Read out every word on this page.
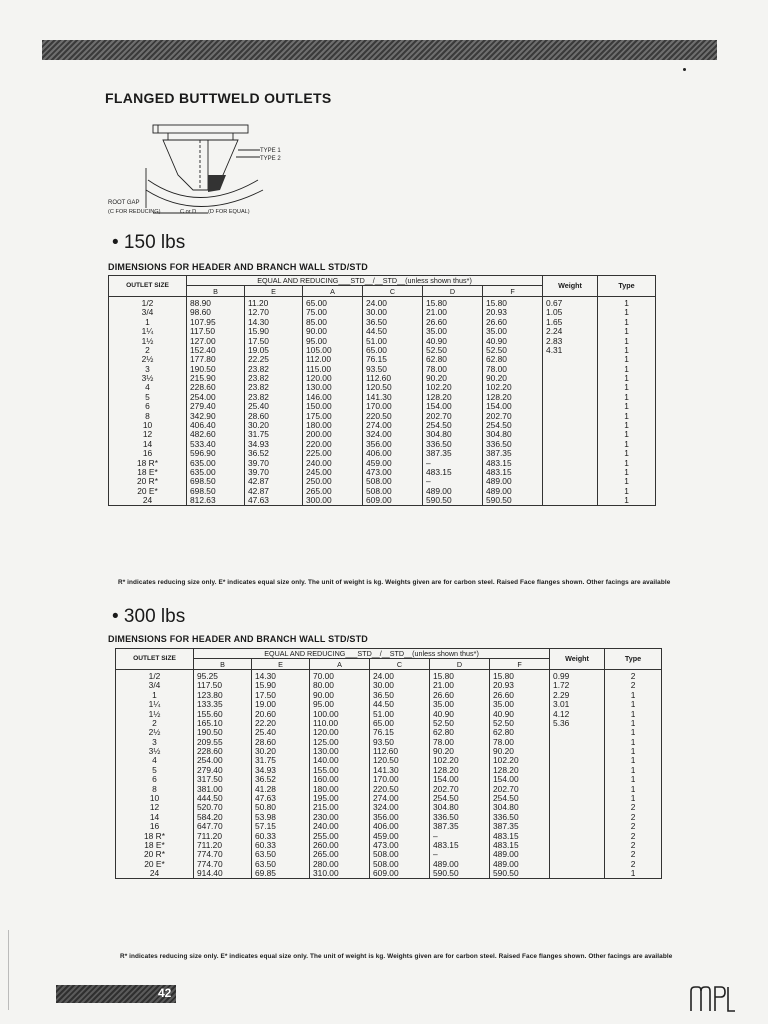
FLANGED BUTTWELD OUTLETS
TYPE 1
TYPE 2
ROOT GAP
(C FOR REDUCING)	C or D (D FOR EQUAL)
• 150 lbs
DIMENSIONS FOR HEADER AND BRANCH WALL STD/STD
OUTLET SIZE	EQUAL AND REDUCING___STD__/__STD__(unless shown thus*)						Weight	Type
	B	E	A	C	D	F		
1/2	88.90	11.20	65.00	24.00	15.80	15.80	0.67	1
3/4	98.60	12.70	75.00	30.00	21.00	20.93	1.05	1
1	107.95	14.30	85.00	36.50	26.60	26.60	1.65	1
1¼	117.50	15.90	90.00	44.50	35.00	35.00	2.24	1
1½	127.00	17.50	95.00	51.00	40.90	40.90	2.83	1
2	152.40	19.05	105.00	65.00	52.50	52.50	4.31	1
2½	177.80	22.25	112.00	76.15	62.80	62.80		1
3	190.50	23.82	115.00	93.50	78.00	78.00		1
3½	215.90	23.82	120.00	112.60	90.20	90.20		1
4	228.60	23.82	130.00	120.50	102.20	102.20		1
5	254.00	23.82	146.00	141.30	128.20	128.20		1
6	279.40	25.40	150.00	170.00	154.00	154.00		1
8	342.90	28.60	175.00	220.50	202.70	202.70		1
10	406.40	30.20	180.00	274.00	254.50	254.50		1
12	482.60	31.75	200.00	324.00	304.80	304.80		1
14	533.40	34.93	220.00	356.00	336.50	336.50		1
16	596.90	36.52	225.00	406.00	387.35	387.35		1
18 R*	635.00	39.70	240.00	459.00	–	483.15		1
18 E*	635.00	39.70	245.00	473.00	483.15	483.15		1
20 R*	698.50	42.87	250.00	508.00	–	489.00		1
20 E*	698.50	42.87	265.00	508.00	489.00	489.00		1
24	812.63	47.63	300.00	609.00	590.50	590.50		1
R* indicates reducing size only. E* indicates equal size only. The unit of weight is kg. Weights given are for carbon steel. Raised Face flanges shown. Other facings are available
• 300 lbs
DIMENSIONS FOR HEADER AND BRANCH WALL STD/STD
OUTLET SIZE	EQUAL AND REDUCING___STD__/__STD__(unless shown thus*)						Weight	Type
	B	E	A	C	D	F		
1/2	95.25	14.30	70.00	24.00	15.80	15.80	0.99	2
3/4	117.50	15.90	80.00	30.00	21.00	20.93	1.72	2
1	123.80	17.50	90.00	36.50	26.60	26.60	2.29	1
1¼	133.35	19.00	95.00	44.50	35.00	35.00	3.01	1
1½	155.60	20.60	100.00	51.00	40.90	40.90	4.12	1
2	165.10	22.20	110.00	65.00	52.50	52.50	5.36	1
2½	190.50	25.40	120.00	76.15	62.80	62.80		1
3	209.55	28.60	125.00	93.50	78.00	78.00		1
3½	228.60	30.20	130.00	112.60	90.20	90.20		1
4	254.00	31.75	140.00	120.50	102.20	102.20		1
5	279.40	34.93	155.00	141.30	128.20	128.20		1
6	317.50	36.52	160.00	170.00	154.00	154.00		1
8	381.00	41.28	180.00	220.50	202.70	202.70		1
10	444.50	47.63	195.00	274.00	254.50	254.50		1
12	520.70	50.80	215.00	324.00	304.80	304.80		2
14	584.20	53.98	230.00	356.00	336.50	336.50		2
16	647.70	57.15	240.00	406.00	387.35	387.35		2
18 R*	711.20	60.33	255.00	459.00	–	483.15		2
18 E*	711.20	60.33	260.00	473.00	483.15	483.15		2
20 R*	774.70	63.50	265.00	508.00	–	489.00		2
20 E*	774.70	63.50	280.00	508.00	489.00	489.00		2
24	914.40	69.85	310.00	609.00	590.50	590.50		1
R* indicates reducing size only. E* indicates equal size only. The unit of weight is kg. Weights given are for carbon steel. Raised Face flanges shown. Other facings are available
42
